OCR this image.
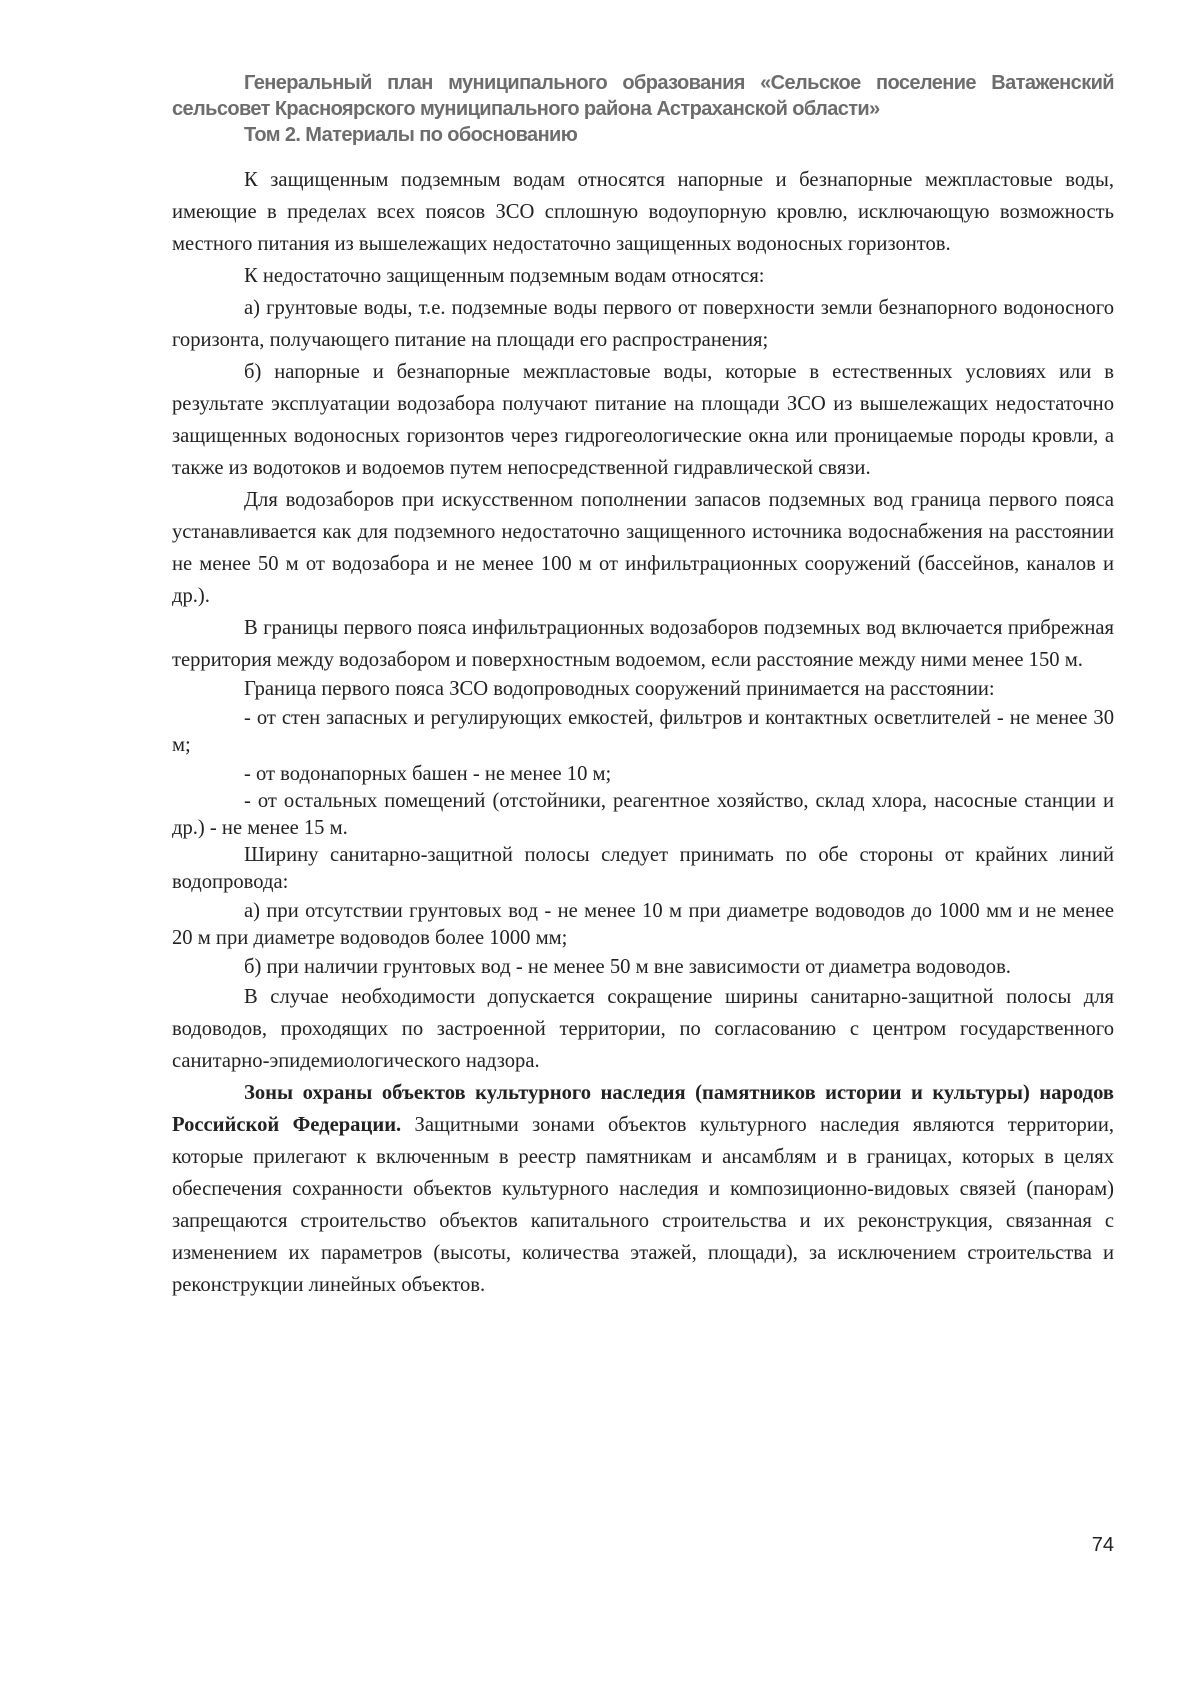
Генеральный план муниципального образования «Сельское поселение Ватаженский сельсовет Красноярского муниципального района Астраханской области»
Том 2. Материалы по обоснованию

К защищенным подземным водам относятся напорные и безнапорные межпластовые воды, имеющие в пределах всех поясов ЗСО сплошную водоупорную кровлю, исключающую возможность местного питания из вышележащих недостаточно защищенных водоносных горизонтов.

К недостаточно защищенным подземным водам относятся:

а) грунтовые воды, т.е. подземные воды первого от поверхности земли безнапорного водоносного горизонта, получающего питание на площади его распространения;

б) напорные и безнапорные межпластовые воды, которые в естественных условиях или в результате эксплуатации водозабора получают питание на площади ЗСО из вышележащих недостаточно защищенных водоносных горизонтов через гидрогеологические окна или проницаемые породы кровли, а также из водотоков и водоемов путем непосредственной гидравлической связи.

Для водозаборов при искусственном пополнении запасов подземных вод граница первого пояса устанавливается как для подземного недостаточно защищенного источника водоснабжения на расстоянии не менее 50 м от водозабора и не менее 100 м от инфильтрационных сооружений (бассейнов, каналов и др.).

В границы первого пояса инфильтрационных водозаборов подземных вод включается прибрежная территория между водозабором и поверхностным водоемом, если расстояние между ними менее 150 м.

Граница первого пояса ЗСО водопроводных сооружений принимается на расстоянии:

- от стен запасных и регулирующих емкостей, фильтров и контактных осветлителей - не менее 30 м;

- от водонапорных башен - не менее 10 м;

- от остальных помещений (отстойники, реагентное хозяйство, склад хлора, насосные станции и др.) - не менее 15 м.

Ширину санитарно-защитной полосы следует принимать по обе стороны от крайних линий водопровода:

а) при отсутствии грунтовых вод - не менее 10 м при диаметре водоводов до 1000 мм и не менее 20 м при диаметре водоводов более 1000 мм;

б) при наличии грунтовых вод - не менее 50 м вне зависимости от диаметра водоводов.

В случае необходимости допускается сокращение ширины санитарно-защитной полосы для водоводов, проходящих по застроенной территории, по согласованию с центром государственного санитарно-эпидемиологического надзора.

Зоны охраны объектов культурного наследия (памятников истории и культуры) народов Российской Федерации. Защитными зонами объектов культурного наследия являются территории, которые прилегают к включенным в реестр памятникам и ансамблям и в границах, которых в целях обеспечения сохранности объектов культурного наследия и композиционно-видовых связей (панорам) запрещаются строительство объектов капитального строительства и их реконструкция, связанная с изменением их параметров (высоты, количества этажей, площади), за исключением строительства и реконструкции линейных объектов.

74
